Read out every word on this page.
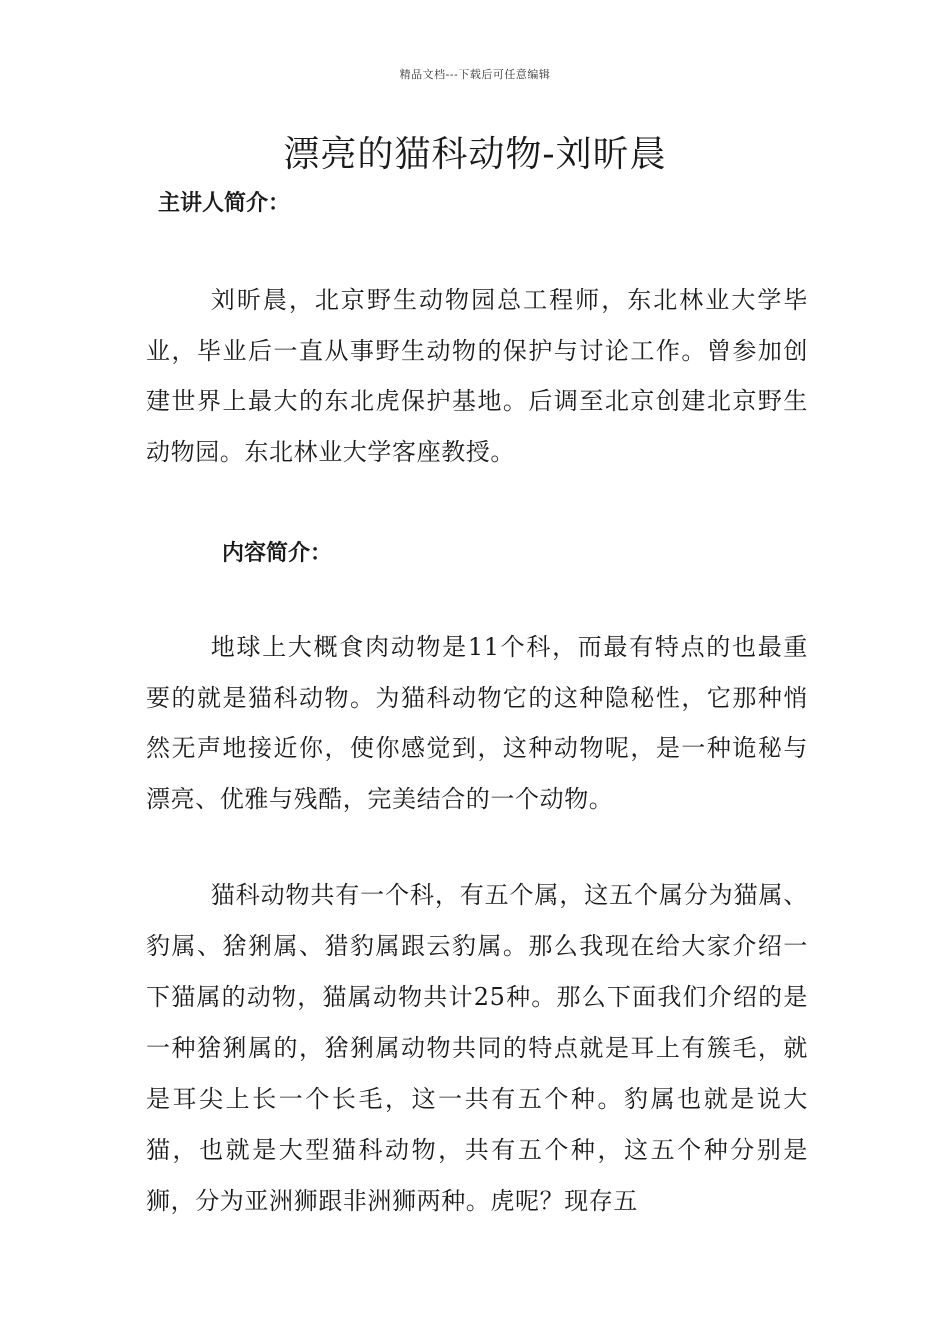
精品文档---下载后可任意编辑
漂亮的猫科动物-刘昕晨
主讲人简介：

刘昕晨，北京野生动物园总工程师，东北林业大学毕业，毕业后一直从事野生动物的保护与讨论工作。曾参加创建世界上最大的东北虎保护基地。后调至北京创建北京野生动物园。东北林业大学客座教授。

内容简介：

地球上大概食肉动物是11个科，而最有特点的也最重要的就是猫科动物。为猫科动物它的这种隐秘性，它那种悄然无声地接近你，使你感觉到，这种动物呢，是一种诡秘与漂亮、优雅与残酷，完美结合的一个动物。

猫科动物共有一个科，有五个属，这五个属分为猫属、豹属、猞猁属、猎豹属跟云豹属。那么我现在给大家介绍一下猫属的动物，猫属动物共计25种。那么下面我们介绍的是一种猞猁属的，猞猁属动物共同的特点就是耳上有簇毛，就是耳尖上长一个长毛，这一共有五个种。豹属也就是说大猫，也就是大型猫科动物，共有五个种，这五个种分别是狮，分为亚洲狮跟非洲狮两种。虎呢？现存五
